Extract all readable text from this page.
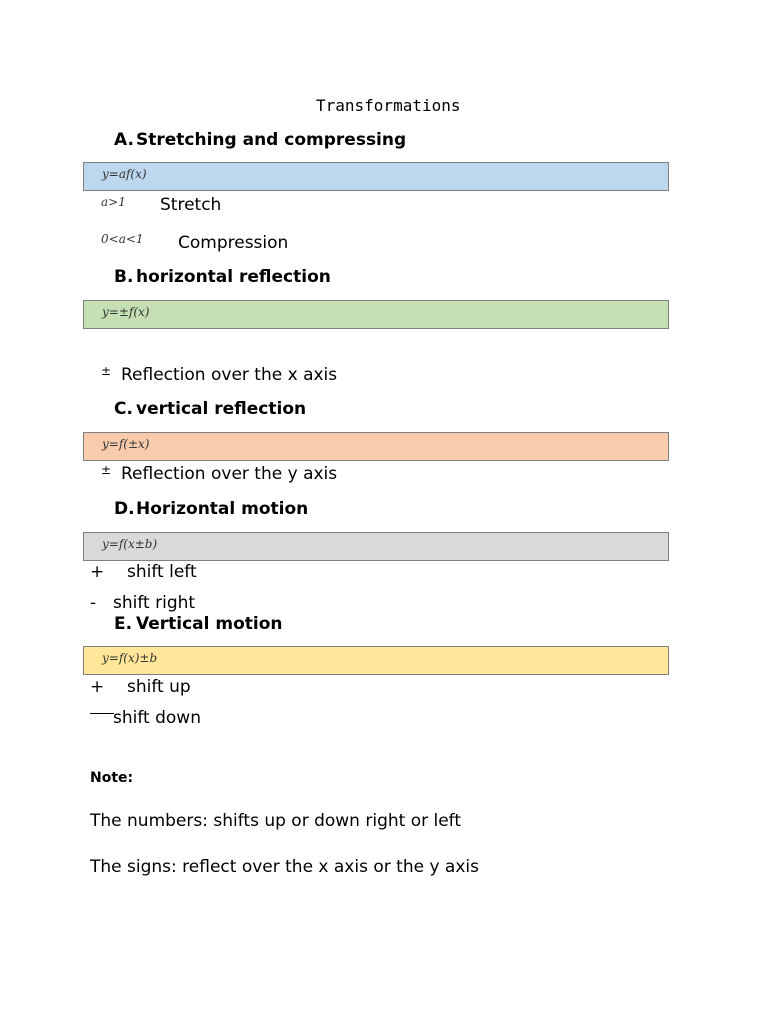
Transformations
A. Stretching and compressing
y=af(x)
a>1 Stretch
0<a<1 Compression
B. horizontal reflection
y=±f(x)
± Reflection over the x axis
C. vertical reflection
y=f(±x)
± Reflection over the y axis
D.Horizontal motion
y=f(x±b)
+ shift left
- shift right
E. Vertical motion
y=f(x)±b
+ shift up
shift down
Note:
The numbers: shifts up or down right or left
The signs: reflect over the x axis or the y axis
